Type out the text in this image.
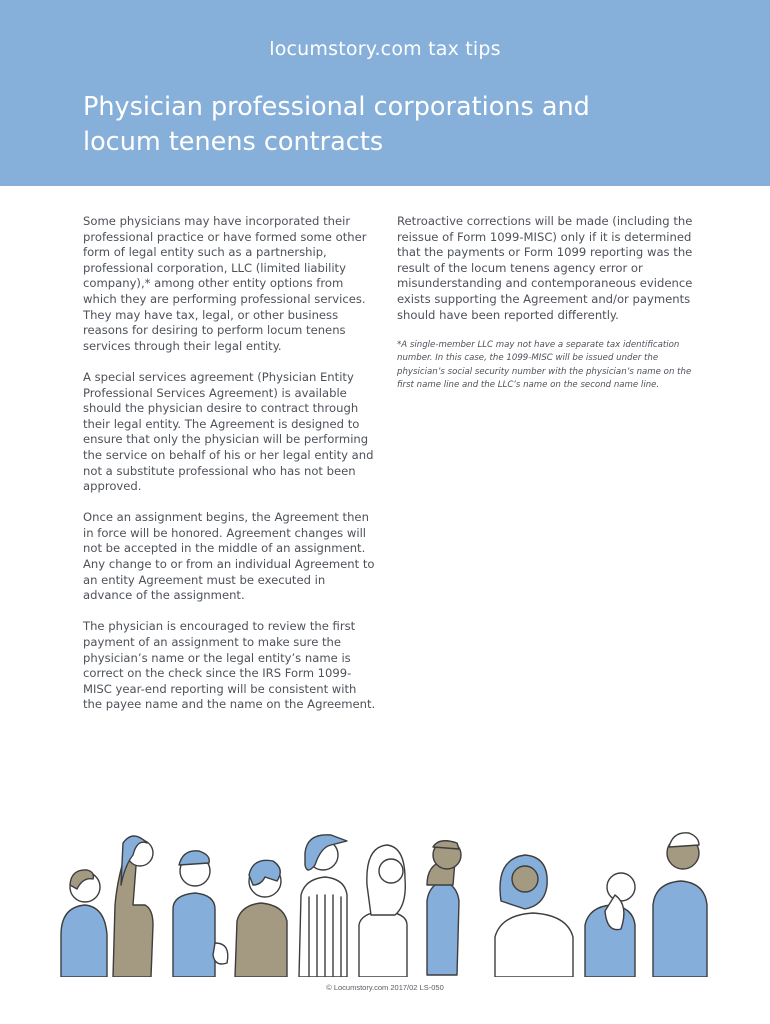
locumstory.com tax tips
Physician professional corporations and
locum tenens contracts

Some physicians may have incorporated their professional practice or have formed some other form of legal entity such as a partnership, professional corporation, LLC (limited liability company),* among other entity options from which they are performing professional services. They may have tax, legal, or other business reasons for desiring to perform locum tenens services through their legal entity.

A special services agreement (Physician Entity Professional Services Agreement) is available should the physician desire to contract through their legal entity. The Agreement is designed to ensure that only the physician will be performing the service on behalf of his or her legal entity and not a substitute professional who has not been approved.

Once an assignment begins, the Agreement then in force will be honored. Agreement changes will not be accepted in the middle of an assignment. Any change to or from an individual Agreement to an entity Agreement must be executed in advance of the assignment.

The physician is encouraged to review the first payment of an assignment to make sure the physician’s name or the legal entity’s name is correct on the check since the IRS Form 1099-MISC year-end reporting will be consistent with the payee name and the name on the Agreement.

Retroactive corrections will be made (including the reissue of Form 1099-MISC) only if it is determined that the payments or Form 1099 reporting was the result of the locum tenens agency error or misunderstanding and contemporaneous evidence exists supporting the Agreement and/or payments should have been reported differently.

*A single-member LLC may not have a separate tax identification number. In this case, the 1099-MISC will be issued under the physician’s social security number with the physician’s name on the first name line and the LLC’s name on the second name line.

© Locumstory.com 2017/02 LS-050
